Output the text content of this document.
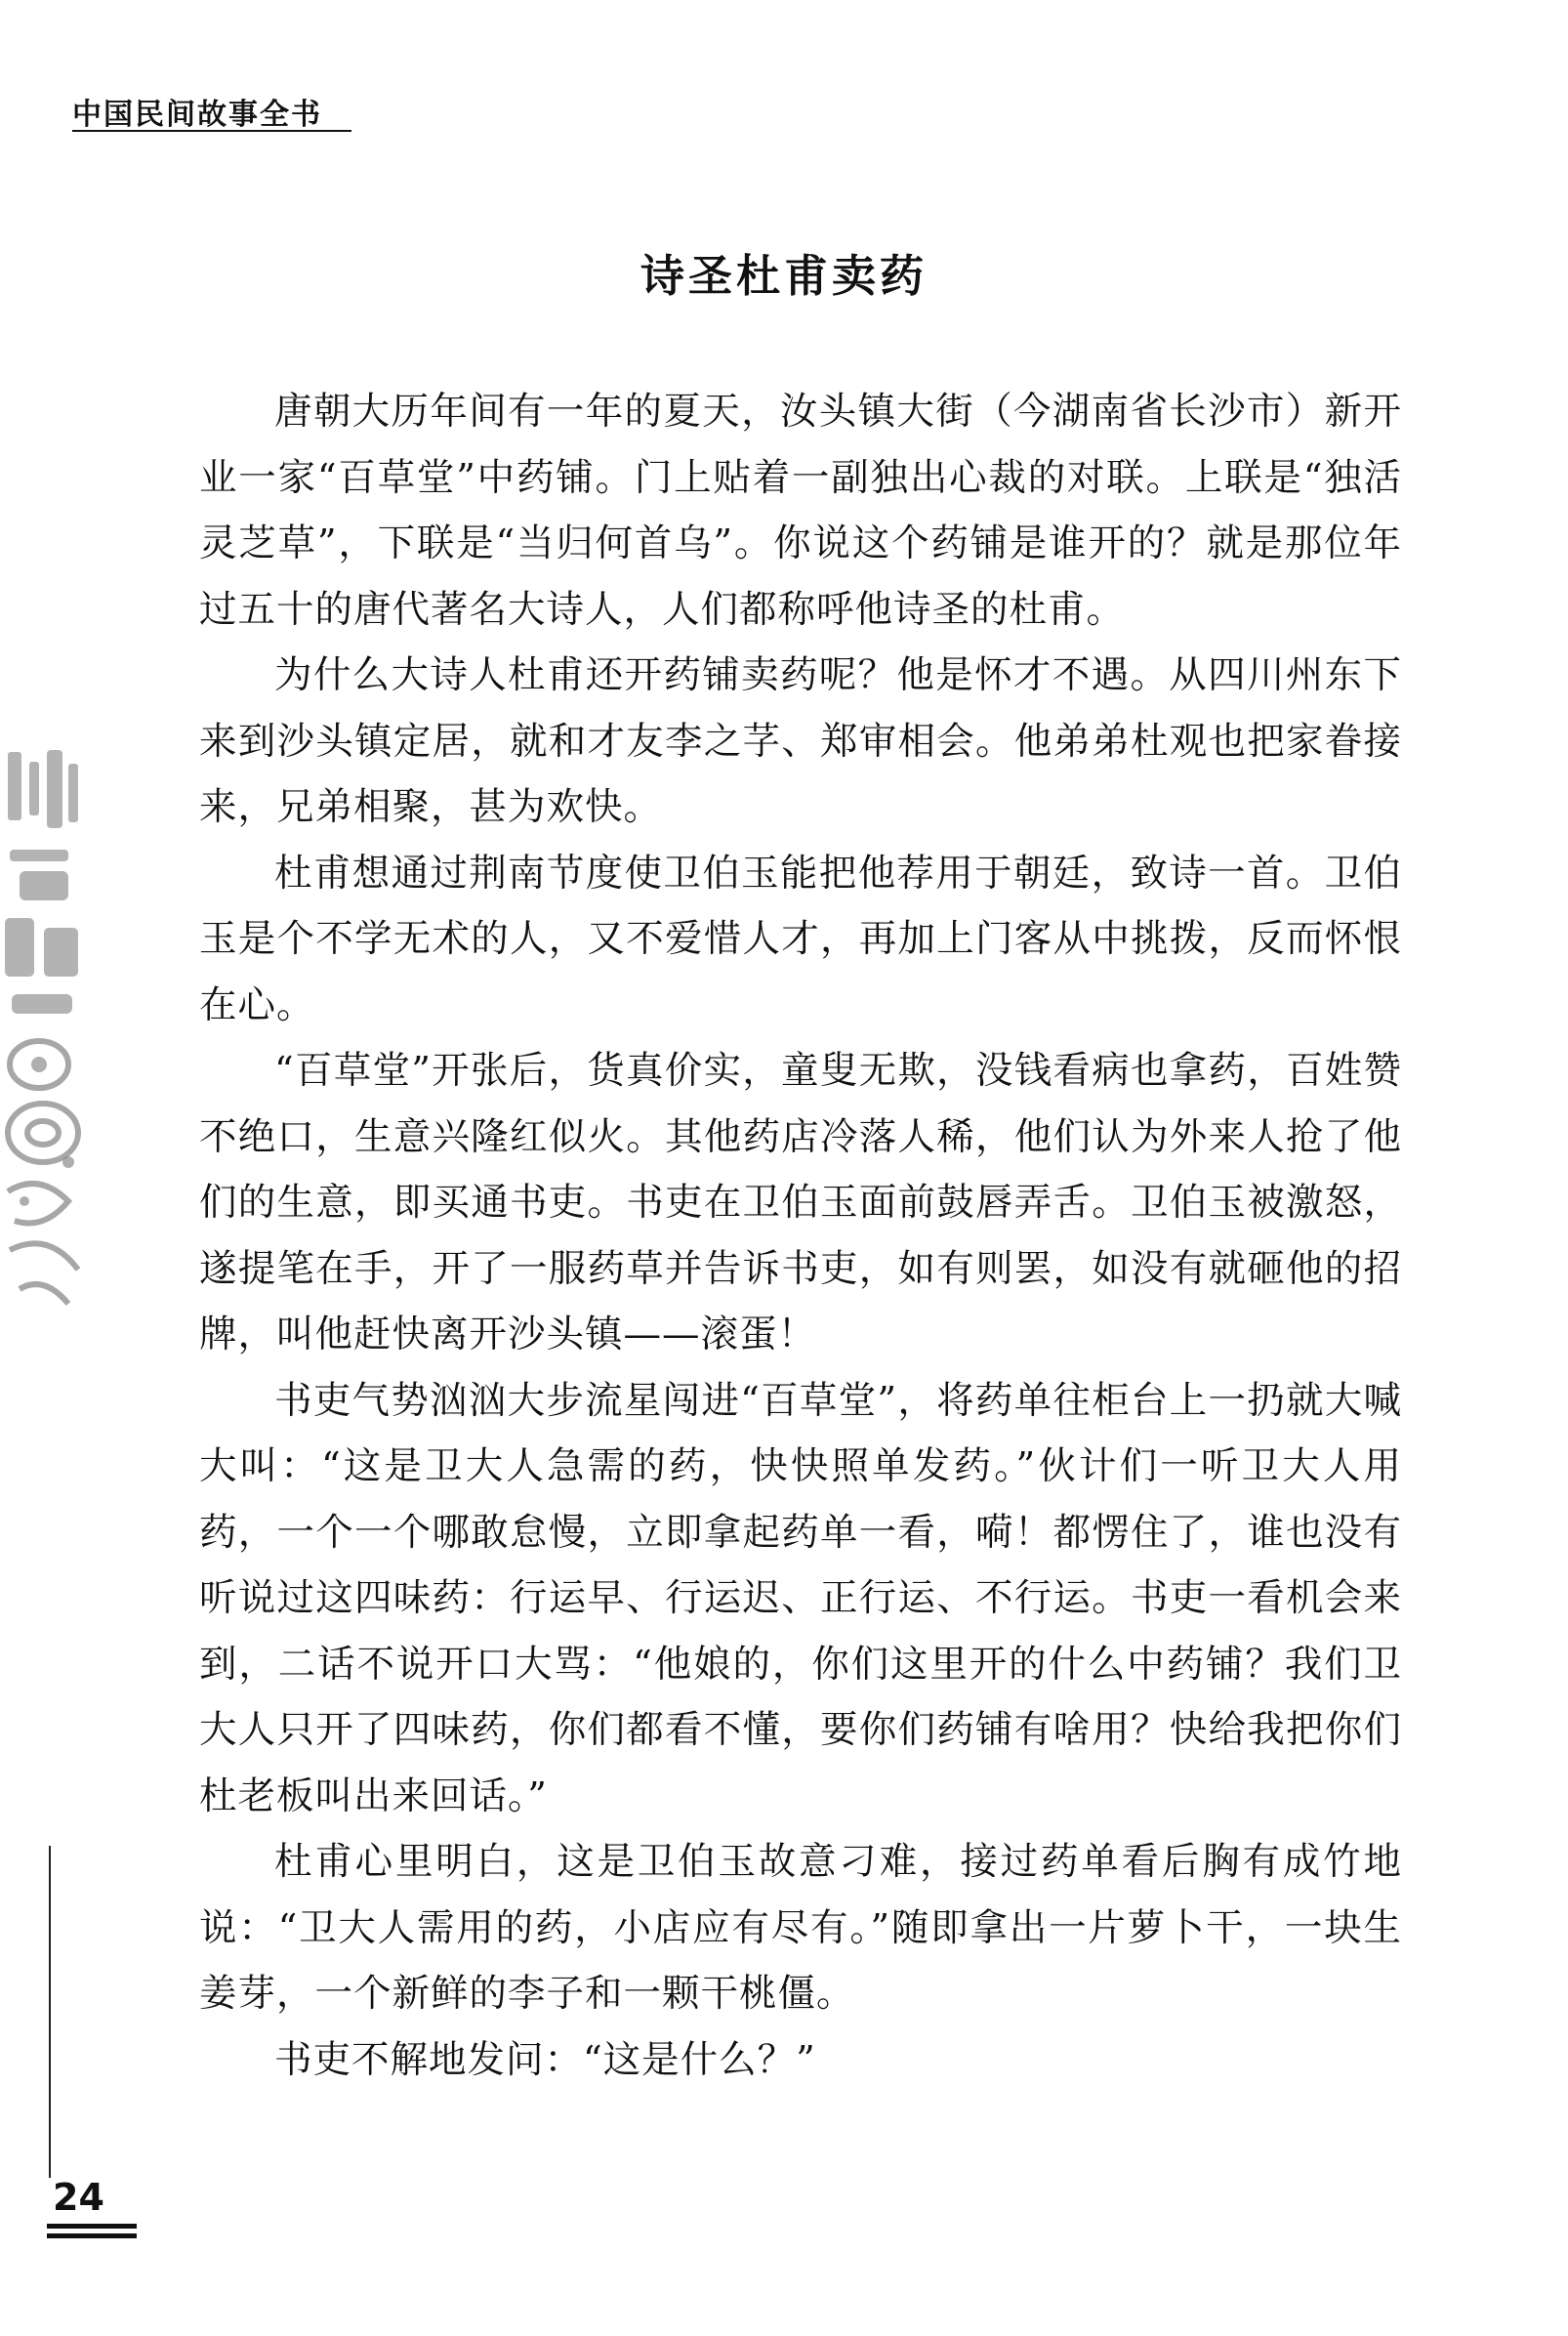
中国民间故事全书
诗圣杜甫卖药

唐朝大历年间有一年的夏天，汝头镇大街（今湖南省长沙市）新开业一家“百草堂”中药铺。门上贴着一副独出心裁的对联。上联是“独活灵芝草”，下联是“当归何首乌”。你说这个药铺是谁开的？就是那位年过五十的唐代著名大诗人，人们都称呼他诗圣的杜甫。

为什么大诗人杜甫还开药铺卖药呢？他是怀才不遇。从四川州东下来到沙头镇定居，就和才友李之芓、郑审相会。他弟弟杜观也把家眷接来，兄弟相聚，甚为欢快。

杜甫想通过荆南节度使卫伯玉能把他荐用于朝廷，致诗一首。卫伯玉是个不学无术的人，又不爱惜人才，再加上门客从中挑拨，反而怀恨在心。

“百草堂”开张后，货真价实，童叟无欺，没钱看病也拿药，百姓赞不绝口，生意兴隆红似火。其他药店冷落人稀，他们认为外来人抢了他们的生意，即买通书吏。书吏在卫伯玉面前鼓唇弄舌。卫伯玉被激怒，遂提笔在手，开了一服药草并告诉书吏，如有则罢，如没有就砸他的招牌，叫他赶快离开沙头镇——滚蛋！

书吏气势汹汹大步流星闯进“百草堂”，将药单往柜台上一扔就大喊大叫：“这是卫大人急需的药，快快照单发药。”伙计们一听卫大人用药，一个一个哪敢怠慢，立即拿起药单一看，嗬！都愣住了，谁也没有听说过这四味药：行运早、行运迟、正行运、不行运。书吏一看机会来到，二话不说开口大骂：“他娘的，你们这里开的什么中药铺？我们卫大人只开了四味药，你们都看不懂，要你们药铺有啥用？快给我把你们杜老板叫出来回话。”

杜甫心里明白，这是卫伯玉故意刁难，接过药单看后胸有成竹地说：“卫大人需用的药，小店应有尽有。”随即拿出一片萝卜干，一块生姜芽，一个新鲜的李子和一颗干桃僵。

书吏不解地发问：“这是什么？”

24
